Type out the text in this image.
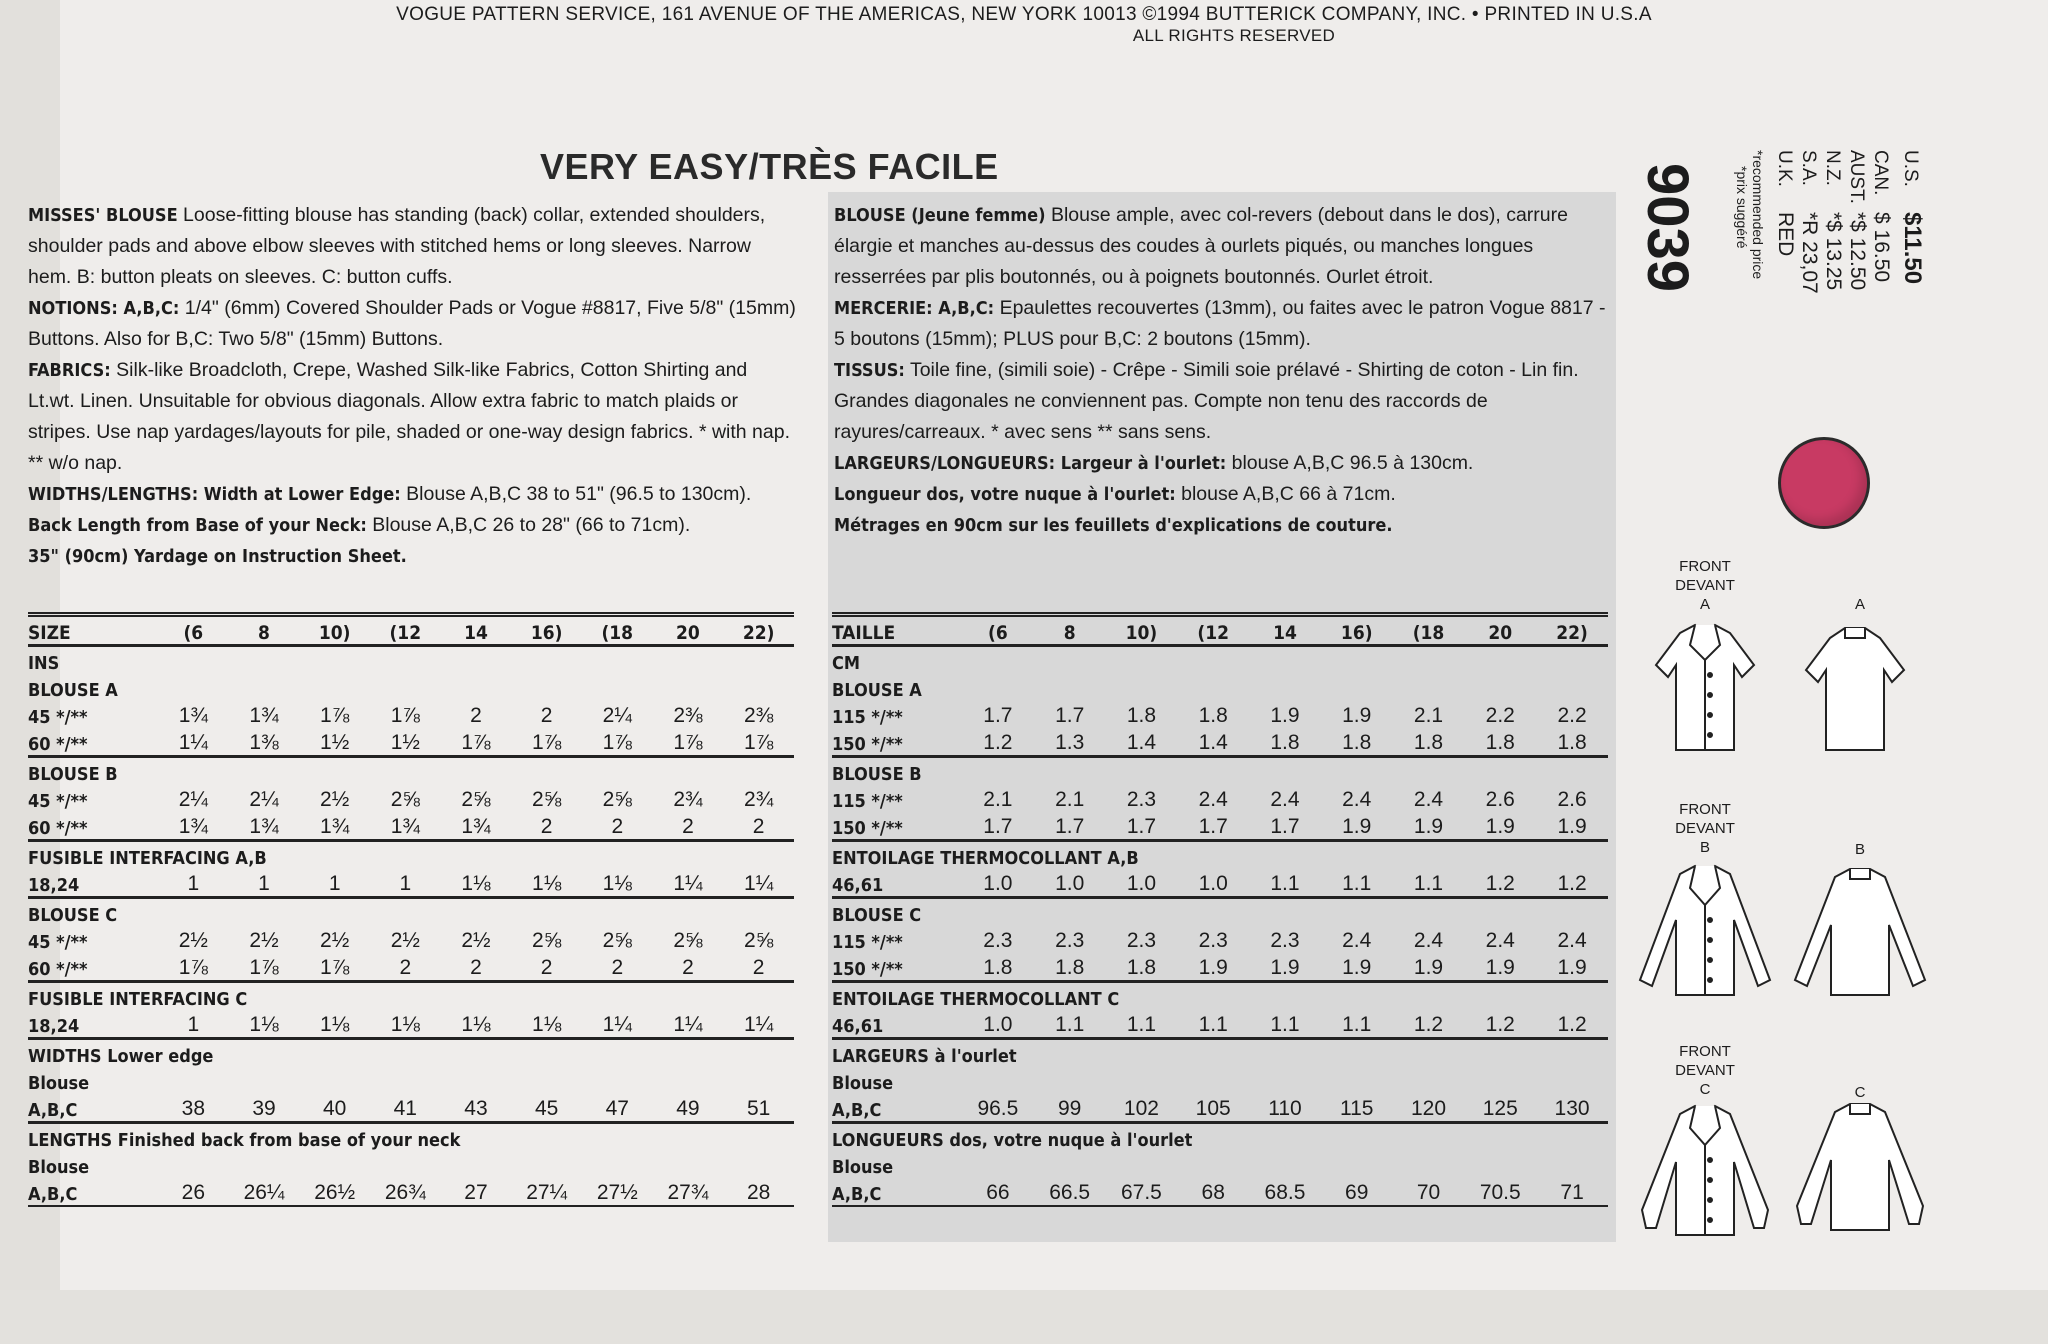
VOGUE PATTERN SERVICE, 161 AVENUE OF THE AMERICAS, NEW YORK 10013 ©1994 BUTTERICK COMPANY, INC. • PRINTED IN U.S.A
ALL RIGHTS RESERVED
VERY EASY/TRÈS FACILE

MISSES' BLOUSE Loose-fitting blouse has standing (back) collar, extended shoulders, shoulder pads and above elbow sleeves with stitched hems or long sleeves. Narrow hem. B: button pleats on sleeves. C: button cuffs.

NOTIONS: A,B,C: 1/4" (6mm) Covered Shoulder Pads or Vogue #8817, Five 5/8" (15mm) Buttons. Also for B,C: Two 5/8" (15mm) Buttons.

FABRICS: Silk-like Broadcloth, Crepe, Washed Silk-like Fabrics, Cotton Shirting and Lt.wt. Linen. Unsuitable for obvious diagonals. Allow extra fabric to match plaids or stripes. Use nap yardages/layouts for pile, shaded or one-way design fabrics. * with nap. ** w/o nap.

WIDTHS/LENGTHS: Width at Lower Edge: Blouse A,B,C 38 to 51" (96.5 to 130cm). Back Length from Base of your Neck: Blouse A,B,C 26 to 28" (66 to 71cm).

35" (90cm) Yardage on Instruction Sheet.

BLOUSE (Jeune femme) Blouse ample, avec col-revers (debout dans le dos), carrure élargie et manches au-dessus des coudes à ourlets piqués, ou manches longues resserrées par plis boutonnés, ou à poignets boutonnés. Ourlet étroit.

MERCERIE: A,B,C: Epaulettes recouvertes (13mm), ou faites avec le patron Vogue 8817 - 5 boutons (15mm); PLUS pour B,C: 2 boutons (15mm).

TISSUS: Toile fine, (simili soie) - Crêpe - Simili soie prélavé - Shirting de coton - Lin fin. Grandes diagonales ne conviennent pas. Compte non tenu des raccords de rayures/carreaux. * avec sens ** sans sens.

LARGEURS/LONGUEURS: Largeur à l'ourlet: blouse A,B,C 96.5 à 130cm.

Longueur dos, votre nuque à l'ourlet: blouse A,B,C 66 à 71cm.

Métrages en 90cm sur les feuillets d'explications de couture.

SIZE	(6	8	10)	(12	14	16)	(18	20	22)
INS									
BLOUSE A									
45 */**	1¾	1¾	1⅞	1⅞	2	2	2¼	2⅜	2⅜
60 */**	1¼	1⅜	1½	1½	1⅞	1⅞	1⅞	1⅞	1⅞
BLOUSE B									
45 */**	2¼	2¼	2½	2⅝	2⅝	2⅝	2⅝	2¾	2¾
60 */**	1¾	1¾	1¾	1¾	1¾	2	2	2	2
FUSIBLE INTERFACING A,B									
18,24	1	1	1	1	1⅛	1⅛	1⅛	1¼	1¼
BLOUSE C									
45 */**	2½	2½	2½	2½	2½	2⅝	2⅝	2⅝	2⅝
60 */**	1⅞	1⅞	1⅞	2	2	2	2	2	2
FUSIBLE INTERFACING C									
18,24	1	1⅛	1⅛	1⅛	1⅛	1⅛	1¼	1¼	1¼
WIDTHS Lower edge									
Blouse									
A,B,C	38	39	40	41	43	45	47	49	51
LENGTHS Finished back from base of your neck									
Blouse									
A,B,C	26	26¼	26½	26¾	27	27¼	27½	27¾	28
TAILLE	(6	8	10)	(12	14	16)	(18	20	22)
CM									
BLOUSE A									
115 */**	1.7	1.7	1.8	1.8	1.9	1.9	2.1	2.2	2.2
150 */**	1.2	1.3	1.4	1.4	1.8	1.8	1.8	1.8	1.8
BLOUSE B									
115 */**	2.1	2.1	2.3	2.4	2.4	2.4	2.4	2.6	2.6
150 */**	1.7	1.7	1.7	1.7	1.7	1.9	1.9	1.9	1.9
ENTOILAGE THERMOCOLLANT A,B									
46,61	1.0	1.0	1.0	1.0	1.1	1.1	1.1	1.2	1.2
BLOUSE C									
115 */**	2.3	2.3	2.3	2.3	2.3	2.4	2.4	2.4	2.4
150 */**	1.8	1.8	1.8	1.9	1.9	1.9	1.9	1.9	1.9
ENTOILAGE THERMOCOLLANT C									
46,61	1.0	1.1	1.1	1.1	1.1	1.1	1.2	1.2	1.2
LARGEURS à l'ourlet									
Blouse									
A,B,C	96.5	99	102	105	110	115	120	125	130
LONGUEURS dos, votre nuque à l'ourlet									
Blouse									
A,B,C	66	66.5	67.5	68	68.5	69	70	70.5	71
9039	U.S.
$11.50
CAN.
$ 16.50
AUST.
*$ 12.50
N.Z.
*$ 13.25
S.A.
*R 23,07
U.K.
RED
*recommended price
*prix suggéré
FRONT
DEVANT
A	A
FRONT
DEVANT
B	B
FRONT
DEVANT
C	C
